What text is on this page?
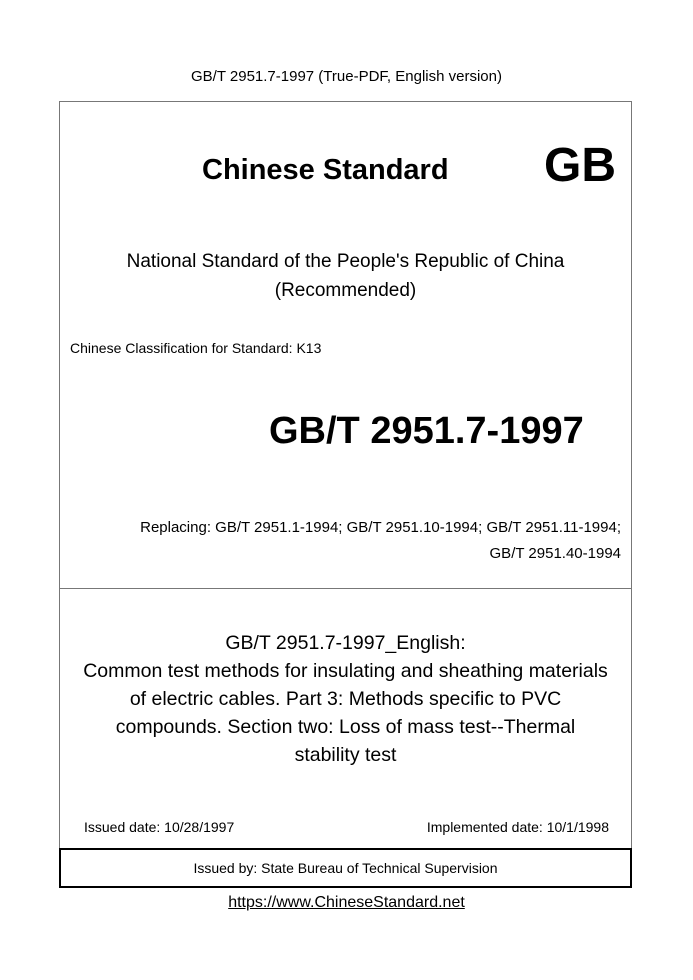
GB/T 2951.7-1997 (True-PDF, English version)
Chinese Standard GB
National Standard of the People's Republic of China
(Recommended)
Chinese Classification for Standard: K13
GB/T 2951.7-1997
Replacing: GB/T 2951.1-1994; GB/T 2951.10-1994; GB/T 2951.11-1994;
GB/T 2951.40-1994
GB/T 2951.7-1997_English:
Common test methods for insulating and sheathing materials
of electric cables. Part 3: Methods specific to PVC
compounds. Section two: Loss of mass test--Thermal
stability test
Issued date: 10/28/1997	Implemented date: 10/1/1998
Issued by: State Bureau of Technical Supervision
https://www.ChineseStandard.net
